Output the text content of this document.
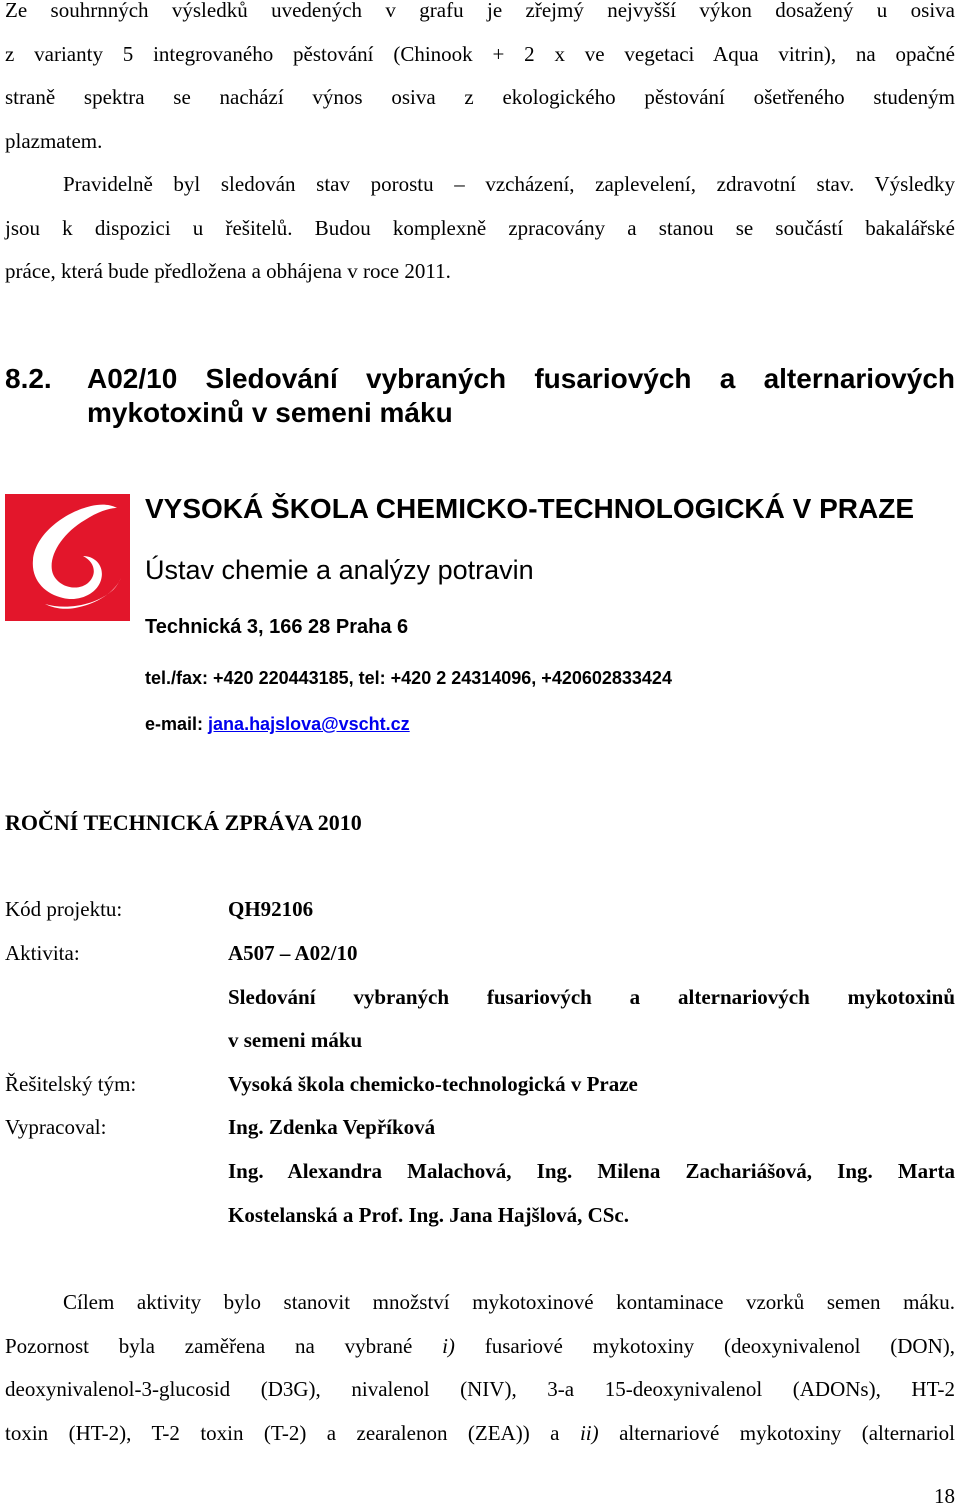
Ze souhrnných výsledků uvedených v grafu je zřejmý nejvyšší výkon dosažený u osiva

z varianty 5 integrovaného pěstování (Chinook + 2 x ve vegetaci Aqua vitrin), na opačné

straně spektra se nachází výnos osiva z ekologického pěstování ošetřeného studeným

plazmatem.

Pravidelně byl sledován stav porostu – vzcházení, zaplevelení, zdravotní stav. Výsledky

jsou k dispozici u řešitelů. Budou komplexně zpracovány a stanou se součástí bakalářské

práce, která bude předložena a obhájena v roce 2011.

8.2. A02/10 Sledování vybraných fusariových a alternariových mykotoxinů v semeni máku
VYSOKÁ ŠKOLA CHEMICKO-TECHNOLOGICKÁ V PRAZE
Ústav chemie a analýzy potravin
Technická 3, 166 28 Praha 6
tel./fax: +420 220443185, tel: +420 2 24314096, +420602833424
e-mail: jana.hajslova@vscht.cz
ROČNÍ TECHNICKÁ ZPRÁVA 2010
Kód projektu:	QH92106
Aktivita:	A507 – A02/10
Sledování vybraných fusariových a alternariových mykotoxinů
v semeni máku
Řešitelský tým:	Vysoká škola chemicko-technologická v Praze
Vypracoval:	Ing. Zdenka Vepříková
Ing. Alexandra Malachová, Ing. Milena Zachariášová, Ing. Marta
Kostelanská a Prof. Ing. Jana Hajšlová, CSc.

Cílem aktivity bylo stanovit množství mykotoxinové kontaminace vzorků semen máku.

Pozornost byla zaměřena na vybrané i) fusariové mykotoxiny (deoxynivalenol (DON),

deoxynivalenol-3-glucosid (D3G), nivalenol (NIV), 3-a 15-deoxynivalenol (ADONs), HT-2

toxin (HT-2), T-2 toxin (T-2) a zearalenon (ZEA)) a ii) alternariové mykotoxiny (alternariol

18
